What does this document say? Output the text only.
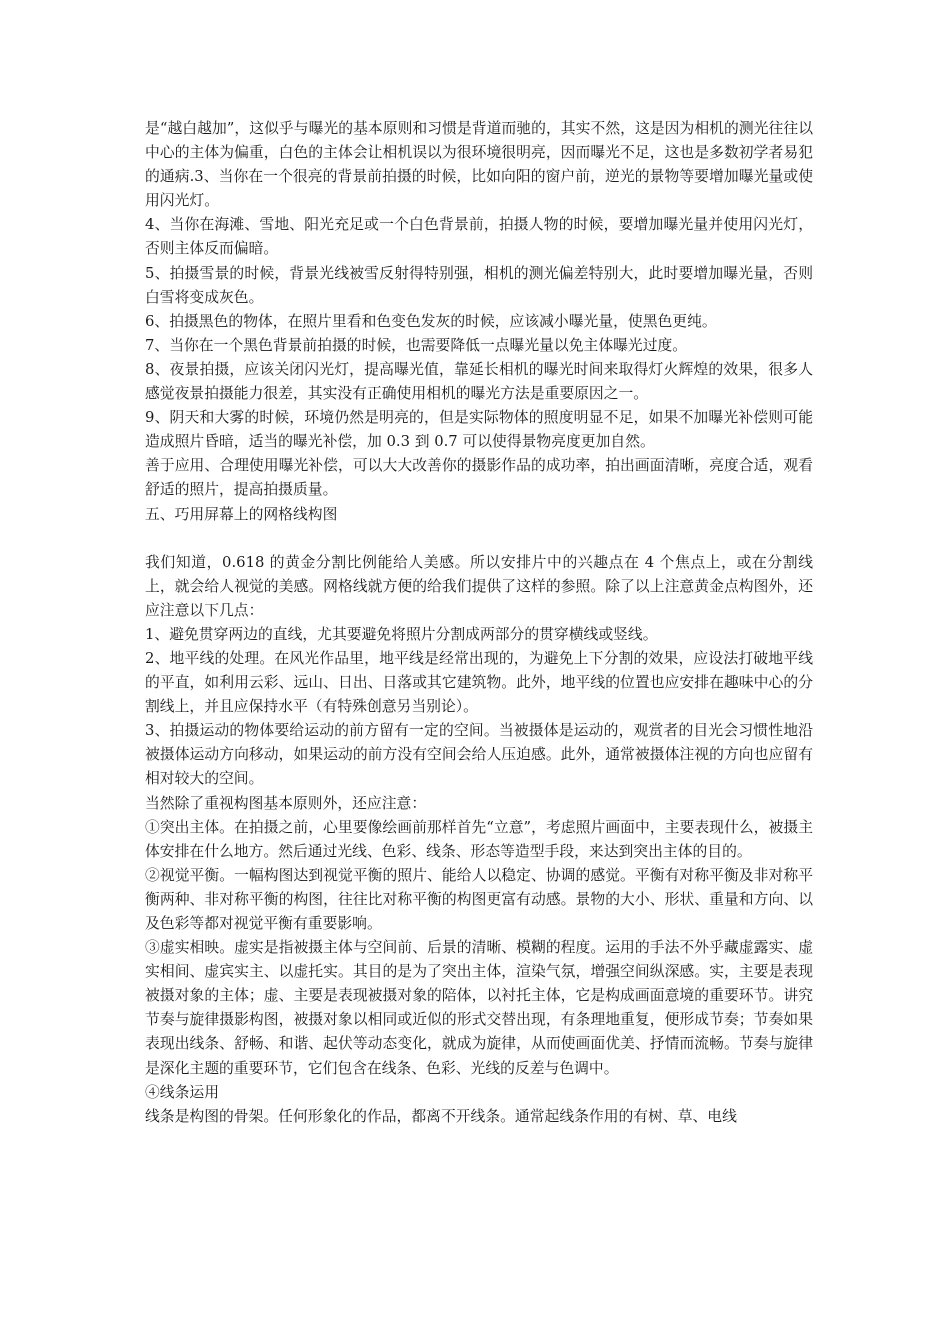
是“越白越加”，这似乎与曝光的基本原则和习惯是背道而驰的，其实不然，这是因为相机的测光往往以中心的主体为偏重，白色的主体会让相机误以为很环境很明亮，因而曝光不足，这也是多数初学者易犯的通病.3、当你在一个很亮的背景前拍摄的时候，比如向阳的窗户前，逆光的景物等要增加曝光量或使用闪光灯。

4、当你在海滩、雪地、阳光充足或一个白色背景前，拍摄人物的时候，要增加曝光量并使用闪光灯，否则主体反而偏暗。

5、拍摄雪景的时候，背景光线被雪反射得特别强，相机的测光偏差特别大，此时要增加曝光量，否则白雪将变成灰色。

6、拍摄黑色的物体，在照片里看和色变色发灰的时候，应该减小曝光量，使黑色更纯。

7、当你在一个黑色背景前拍摄的时候，也需要降低一点曝光量以免主体曝光过度。

8、夜景拍摄，应该关闭闪光灯，提高曝光值，靠延长相机的曝光时间来取得灯火辉煌的效果，很多人感觉夜景拍摄能力很差，其实没有正确使用相机的曝光方法是重要原因之一。

9、阴天和大雾的时候，环境仍然是明亮的，但是实际物体的照度明显不足，如果不加曝光补偿则可能造成照片昏暗，适当的曝光补偿，加 0.3 到 0.7 可以使得景物亮度更加自然。

善于应用、合理使用曝光补偿，可以大大改善你的摄影作品的成功率，拍出画面清晰，亮度合适，观看舒适的照片，提高拍摄质量。

五、巧用屏幕上的网格线构图

我们知道，0.618 的黄金分割比例能给人美感。所以安排片中的兴趣点在 4 个焦点上，或在分割线上，就会给人视觉的美感。网格线就方便的给我们提供了这样的参照。除了以上注意黄金点构图外，还应注意以下几点：

1、避免贯穿两边的直线，尤其要避免将照片分割成两部分的贯穿横线或竖线。

2、地平线的处理。在风光作品里，地平线是经常出现的，为避免上下分割的效果，应设法打破地平线的平直，如利用云彩、远山、日出、日落或其它建筑物。此外，地平线的位置也应安排在趣味中心的分割线上，并且应保持水平（有特殊创意另当别论）。

3、拍摄运动的物体要给运动的前方留有一定的空间。当被摄体是运动的，观赏者的目光会习惯性地沿被摄体运动方向移动，如果运动的前方没有空间会给人压迫感。此外，通常被摄体注视的方向也应留有相对较大的空间。

当然除了重视构图基本原则外，还应注意：

①突出主体。在拍摄之前，心里要像绘画前那样首先“立意”，考虑照片画面中，主要表现什么，被摄主体安排在什么地方。然后通过光线、色彩、线条、形态等造型手段，来达到突出主体的目的。

②视觉平衡。一幅构图达到视觉平衡的照片、能给人以稳定、协调的感觉。平衡有对称平衡及非对称平衡两种、非对称平衡的构图，往往比对称平衡的构图更富有动感。景物的大小、形状、重量和方向、以及色彩等都对视觉平衡有重要影响。

③虚实相映。虚实是指被摄主体与空间前、后景的清晰、模糊的程度。运用的手法不外乎藏虚露实、虚实相间、虚宾实主、以虚托实。其目的是为了突出主体，渲染气氛，增强空间纵深感。实，主要是表现被摄对象的主体；虚、主要是表现被摄对象的陪体，以衬托主体，它是构成画面意境的重要环节。讲究节奏与旋律摄影构图，被摄对象以相同或近似的形式交替出现，有条理地重复，便形成节奏；节奏如果表现出线条、舒畅、和谐、起伏等动态变化，就成为旋律，从而使画面优美、抒情而流畅。节奏与旋律是深化主题的重要环节，它们包含在线条、色彩、光线的反差与色调中。

④线条运用

线条是构图的骨架。任何形象化的作品，都离不开线条。通常起线条作用的有树、草、电线
